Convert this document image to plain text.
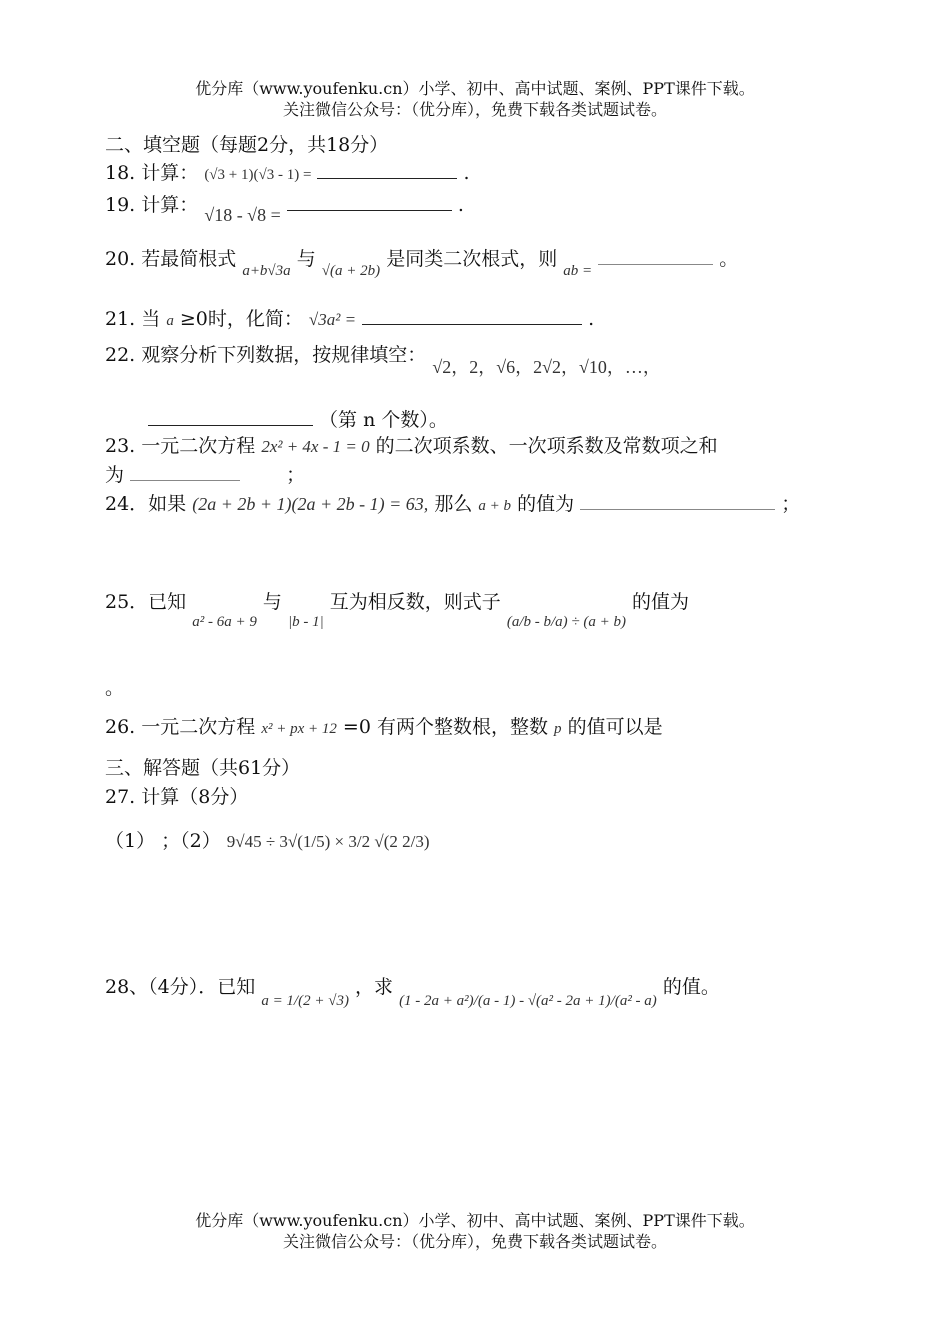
优分库（www.youfenku.cn）小学、初中、高中试题、案例、PPT课件下载。
关注微信公众号：（优分库），免费下载各类试题试卷。
二、填空题（每题2分，共18分）
18. 计算： (√3 + 1)(√3 - 1) =	.
19. 计算： √18 - √8 =	.
20. 若最简根式 $_{a+b√3a}$ 与 $_{√(a + 2b)}$ 是同类二次根式，则 $_{ab =}$  。
21. 当 a ≥0时，化简： √3a² =	.
22. 观察分析下列数据，按规律填空： √2，2，√6，2√2，√10，…，
（第 n 个数）。
23. 一元二次方程 2x² + 4x - 1 = 0 的二次项系数、一次项系数及常数项之和
为	；
24．如果 (2a + 2b + 1)(2a + 2b - 1) = 63, 那么 a + b 的值为	；
25．已知 $_{a^2 - 6a + 9}$ 与 $_{|b - 1|}$ 互为相反数，则式子 $_{(a/b - b/a) \div (a + b)}$ 的值为
。
26. 一元二次方程 x² + px + 12 =0 有两个整数根，整数 p 的值可以是
三、解答题（共61分）
27. 计算（8分）
（1） ；（2） 9√45 ÷ 3√(1/5) × 3/2 √(2 2/3)
28、（4分）．已知 $_{a = 1/(2 + √3)}$ ，求 $_{(1 - 2a + a^2)/(a - 1) - √(a^2 - 2a + 1)/(a^2 - a)}$ 的值。
优分库（www.youfenku.cn）小学、初中、高中试题、案例、PPT课件下载。
关注微信公众号：（优分库），免费下载各类试题试卷。
